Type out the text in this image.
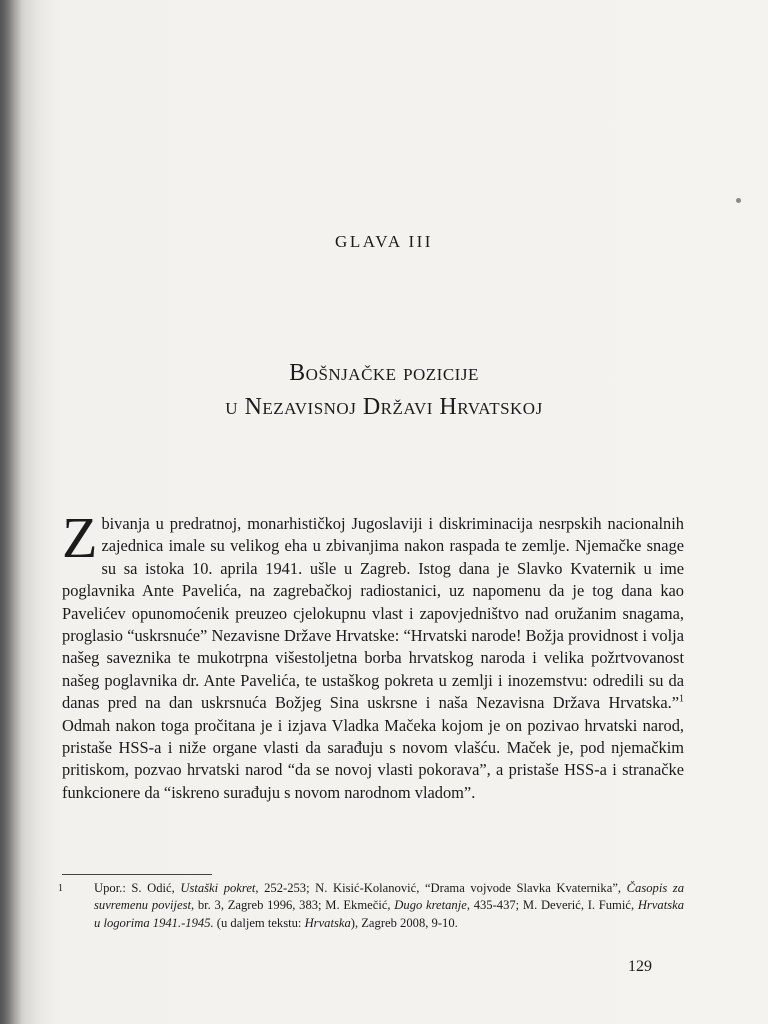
GLAVA III
Bošnjačke pozicije
u Nezavisnoj Državi Hrvatskoj
Zbivanja u predratnoj, monarhističkoj Jugoslaviji i diskriminacija nesrpskih nacionalnih zajednica imale su velikog eha u zbivanjima nakon raspada te zemlje. Njemačke snage su sa istoka 10. aprila 1941. ušle u Zagreb. Istog dana je Slavko Kvaternik u ime poglavnika Ante Pavelića, na zagrebačkoj radiostanici, uz napomenu da je tog dana kao Pavelićev opunomoćenik preuzeo cjelokupnu vlast i zapovjedništvo nad oružanim snagama, proglasio “uskrsnuće” Nezavisne Države Hrvatske: “Hrvatski narode! Božja providnost i volja našeg saveznika te mukotrpna višestoljetna borba hrvatskog naroda i velika požrtvovanost našeg poglavnika dr. Ante Pavelića, te ustaškog pokreta u zemlji i inozemstvu: odredili su da danas pred na dan uskrsnuća Božjeg Sina uskrsne i naša Nezavisna Država Hrvatska.”$^1$ Odmah nakon toga pročitana je i izjava Vladka Mačeka kojom je on pozivao hrvatski narod, pristaše HSS-a i niže organe vlasti da sarađuju s novom vlašću. Maček je, pod njemačkim pritiskom, pozvao hrvatski narod “da se novoj vlasti pokorava”, a pristaše HSS-a i stranačke funkcionere da “iskreno surađuju s novom narodnom vladom”.
1	Upor.: S. Odić, Ustaški pokret, 252-253; N. Kisić-Kolanović, “Drama vojvode Slavka Kvaternika”, Časopis za suvremenu povijest, br. 3, Zagreb 1996, 383; M. Ekmečić, Dugo kretanje, 435-437; M. Deverić, I. Fumić, Hrvatska u logorima 1941.-1945. (u daljem tekstu: Hrvatska), Zagreb 2008, 9-10.
129
